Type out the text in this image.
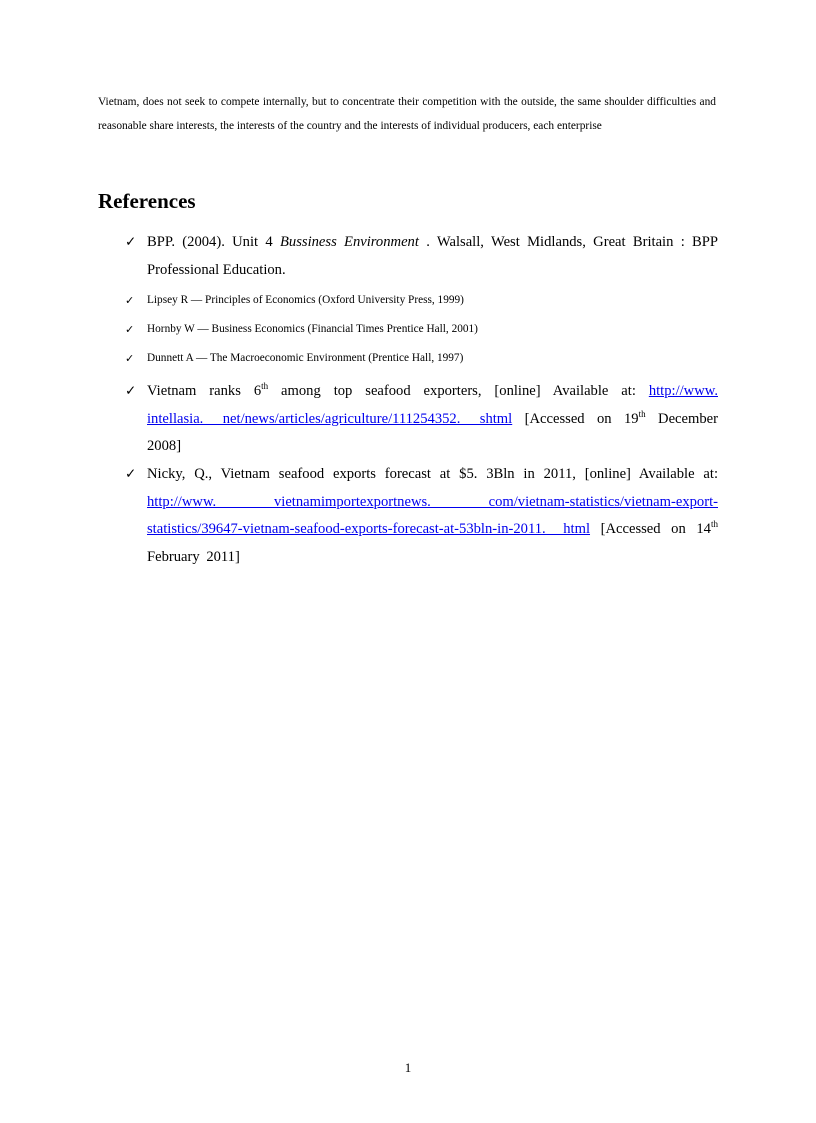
Vietnam, does not seek to compete internally, but to concentrate their competition with the outside, the same shoulder difficulties and reasonable share interests, the interests of the country and the interests of individual producers, each enterprise

References
✓ BPP. (2004). Unit 4 Bussiness Environment . Walsall, West Midlands, Great Britain : BPP Professional Education.
✓ Lipsey R — Principles of Economics (Oxford University Press, 1999)
✓ Hornby W — Business Economics (Financial Times Prentice Hall, 2001)
✓ Dunnett A — The Macroeconomic Environment (Prentice Hall, 1997)
✓ Vietnam ranks 6th among top seafood exporters, [online] Available at: http://www. intellasia. net/news/articles/agriculture/111254352. shtml [Accessed on 19th December 2008]
✓ Nicky, Q., Vietnam seafood exports forecast at $5. 3Bln in 2011, [online] Available at: http://www. vietnamimportexportnews. com/vietnam-statistics/vietnam-export-statistics/39647-vietnam-seafood-exports-forecast-at-53bln-in-2011. html [Accessed on 14th February 2011]
1
